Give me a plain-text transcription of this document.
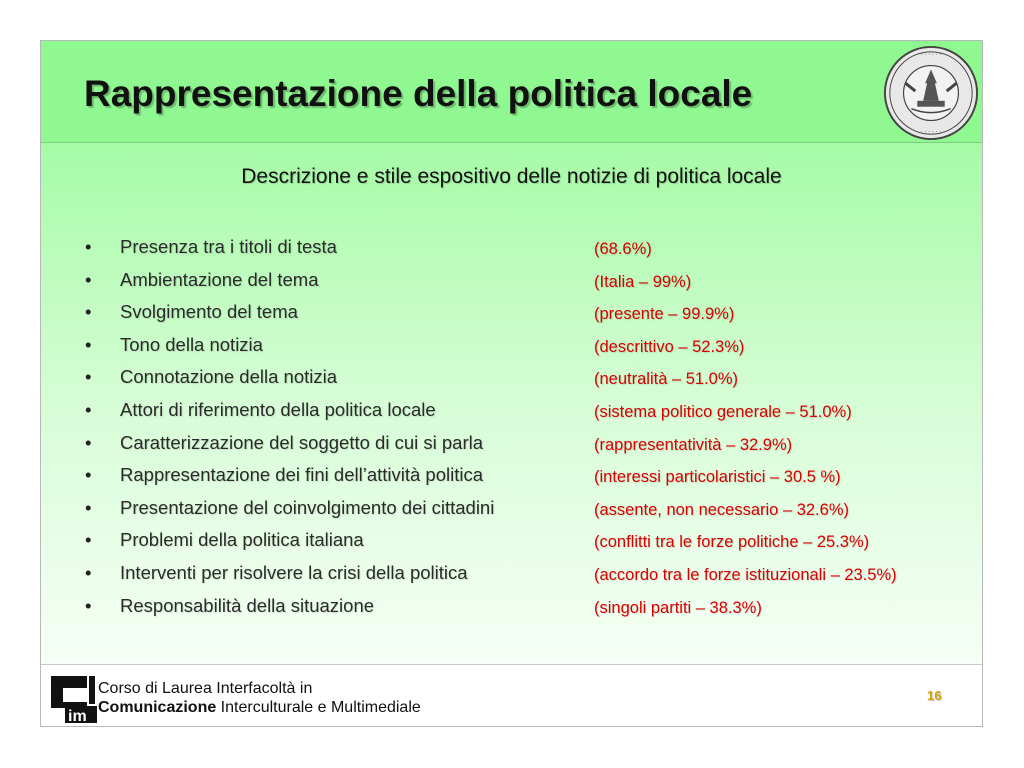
Rappresentazione della politica locale
· · · · · · · ·
· · · · · · · ·
Descrizione e stile espositivo delle notizie di politica locale
• Presenza tra i titoli di testa	(68.6%)
• Ambientazione del tema	(Italia – 99%)
• Svolgimento del tema	(presente – 99.9%)
• Tono della notizia	(descrittivo – 52.3%)
• Connotazione della notizia	(neutralità – 51.0%)
• Attori di riferimento della politica locale	(sistema politico generale – 51.0%)
• Caratterizzazione del soggetto di cui si parla	(rappresentatività – 32.9%)
• Rappresentazione dei fini dell’attività politica	(interessi particolaristici – 30.5 %)
• Presentazione del coinvolgimento dei cittadini	(assente, non necessario – 32.6%)
• Problemi della politica italiana	(conflitti tra le forze politiche – 25.3%)
• Interventi per risolvere la crisi della politica	(accordo tra le forze istituzionali – 23.5%)
• Responsabilità della situazione	(singoli partiti – 38.3%)
im
Corso di Laurea Interfacoltà in
Comunicazione Interculturale e Multimediale
16
